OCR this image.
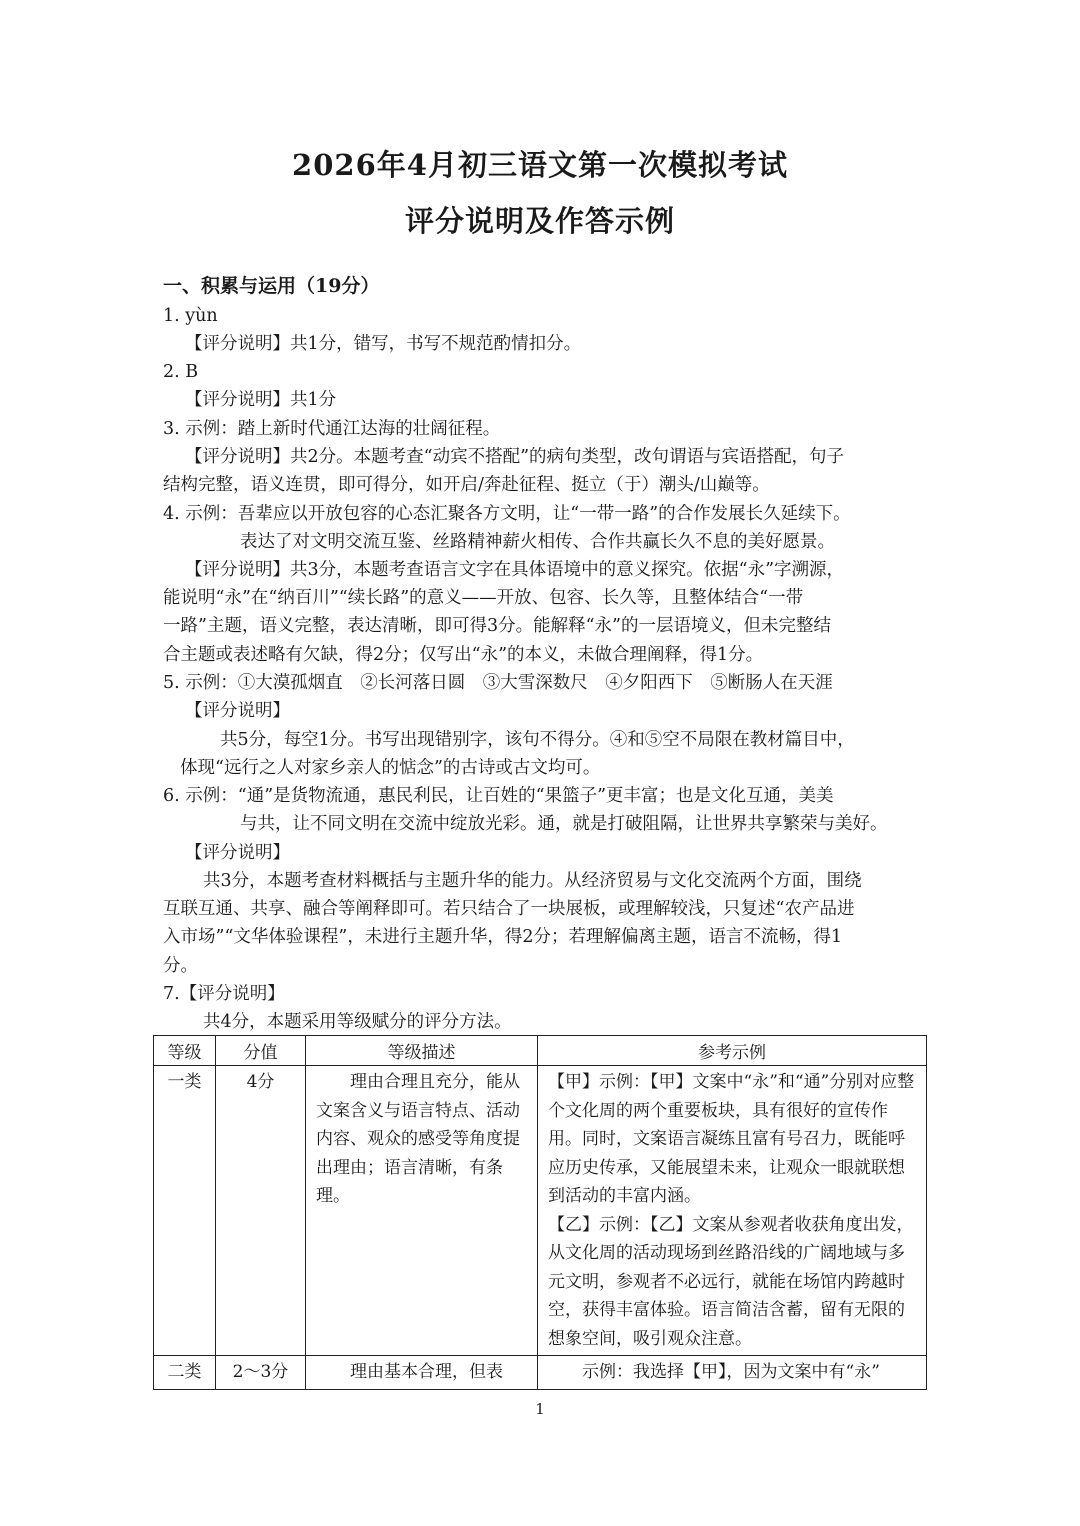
2026年4月初三语文第一次模拟考试
评分说明及作答示例
一、积累与运用（19分）
1. yùn
【评分说明】共1分，错写，书写不规范酌情扣分。
2. B
【评分说明】共1分
3. 示例：踏上新时代通江达海的壮阔征程。
【评分说明】共2分。本题考查“动宾不搭配”的病句类型，改句谓语与宾语搭配，句子
结构完整，语义连贯，即可得分，如开启/奔赴征程、挺立（于）潮头/山巅等。
4. 示例：吾辈应以开放包容的心态汇聚各方文明，让“一带一路”的合作发展长久延续下。
表达了对文明交流互鉴、丝路精神薪火相传、合作共赢长久不息的美好愿景。
【评分说明】共3分，本题考查语言文字在具体语境中的意义探究。依据“永”字溯源，
能说明“永”在“纳百川”“续长路”的意义——开放、包容、长久等，且整体结合“一带
一路”主题，语义完整，表达清晰，即可得3分。能解释“永”的一层语境义，但未完整结
合主题或表述略有欠缺，得2分；仅写出“永”的本义，未做合理阐释，得1分。
5. 示例：①大漠孤烟直　②长河落日圆　③大雪深数尺　④夕阳西下　⑤断肠人在天涯
【评分说明】
共5分，每空1分。书写出现错别字，该句不得分。④和⑤空不局限在教材篇目中，
体现“远行之人对家乡亲人的惦念”的古诗或古文均可。
6. 示例：“通”是货物流通，惠民利民，让百姓的“果篮子”更丰富；也是文化互通，美美
与共，让不同文明在交流中绽放光彩。通，就是打破阻隔，让世界共享繁荣与美好。
【评分说明】
共3分，本题考查材料概括与主题升华的能力。从经济贸易与文化交流两个方面，围绕
互联互通、共享、融合等阐释即可。若只结合了一块展板，或理解较浅，只复述“农产品进
入市场”“文华体验课程”，未进行主题升华，得2分；若理解偏离主题，语言不流畅，得1
分。
7.【评分说明】
共4分，本题采用等级赋分的评分方法。
等级	分值	等级描述	参考示例
一类	4分	理由合理且充分，能从文案含义与语言特点、活动内容、观众的感受等角度提出理由；语言清晰，有条理。	【甲】示例：【甲】文案中“永”和“通”分别对应整个文化周的两个重要板块，具有很好的宣传作用。同时，文案语言凝练且富有号召力，既能呼应历史传承，又能展望未来，让观众一眼就联想到活动的丰富内涵。
【乙】示例：【乙】文案从参观者收获角度出发，从文化周的活动现场到丝路沿线的广阔地域与多元文明，参观者不必远行，就能在场馆内跨越时空，获得丰富体验。语言简洁含蓄，留有无限的想象空间，吸引观众注意。

二类	2～3分	理由基本合理，但表	示例：我选择【甲】，因为文案中有“永”
1
